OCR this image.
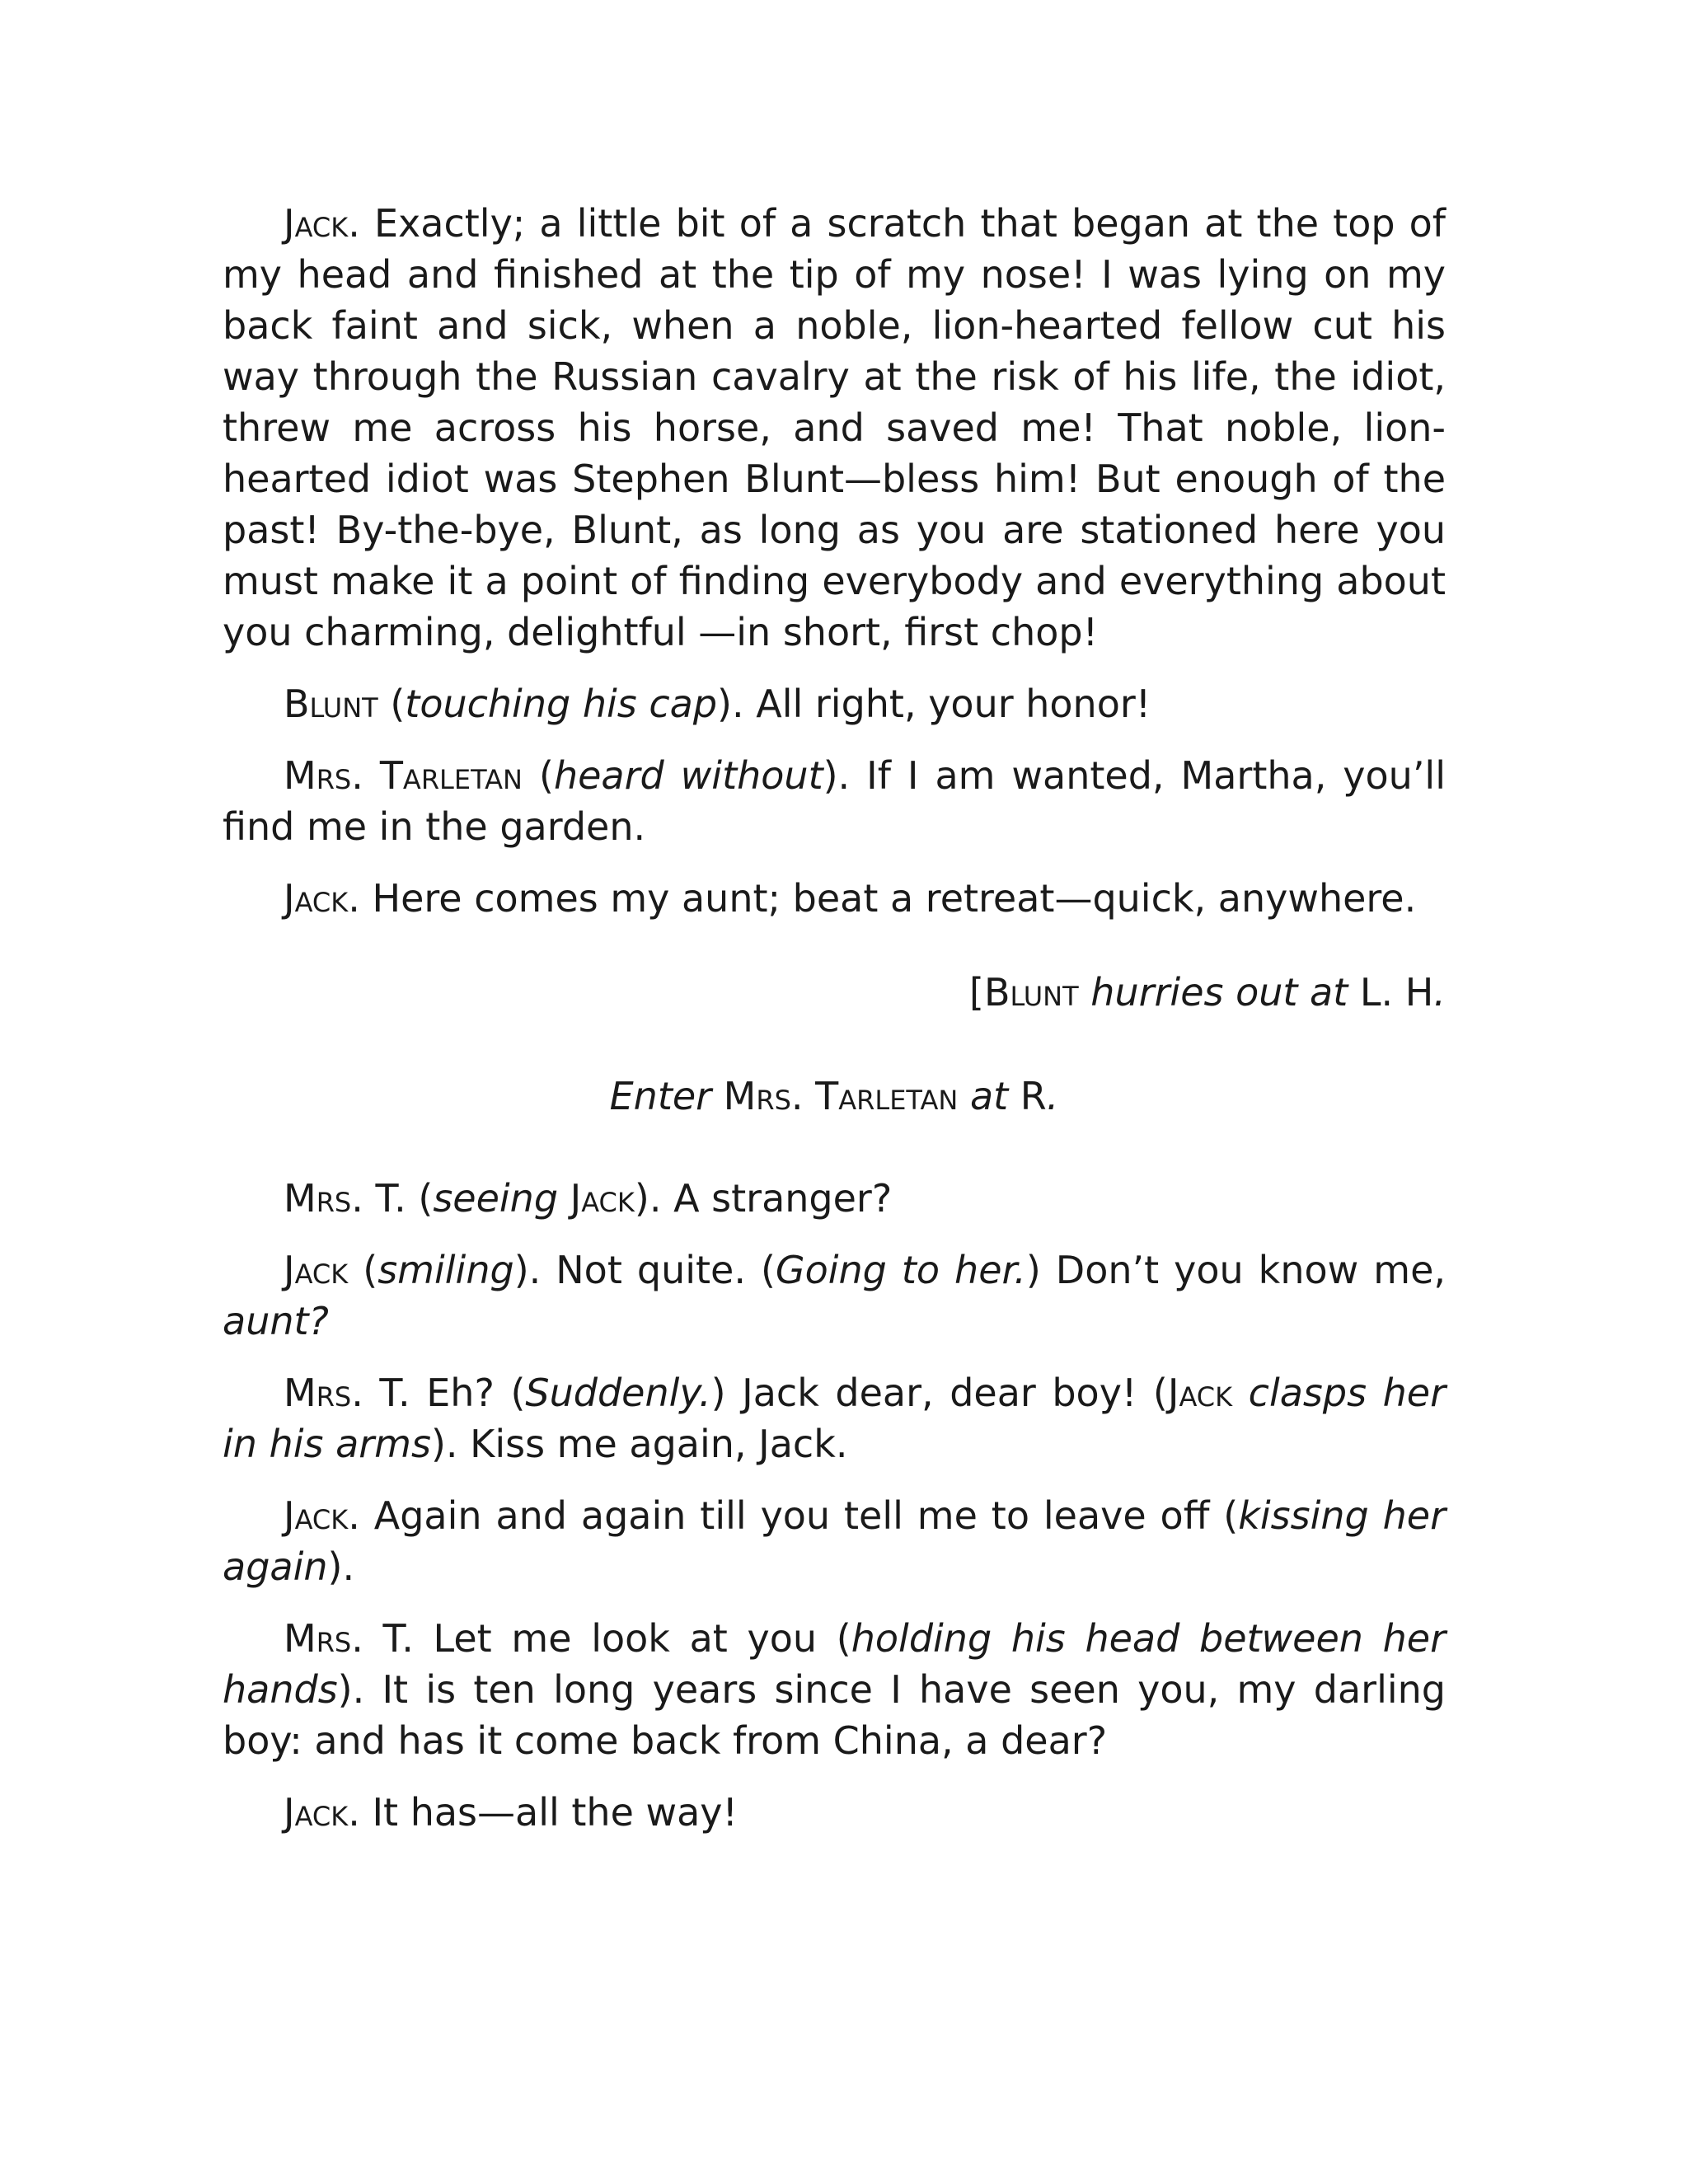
Jack. Exactly; a little bit of a scratch that began at the top of my head and finished at the tip of my nose! I was lying on my back faint and sick, when a noble, lion-hearted fellow cut his way through the Russian cavalry at the risk of his life, the idiot, threw me across his horse, and saved me! That noble, lion-hearted idiot was Stephen Blunt—bless him! But enough of the past! By-the-bye, Blunt, as long as you are stationed here you must make it a point of finding everybody and everything about you charming, delightful —in short, first chop!

Blunt (touching his cap). All right, your honor!

Mrs. Tarletan (heard without). If I am wanted, Martha, you’ll find me in the garden.

Jack. Here comes my aunt; beat a retreat—quick, anywhere.

[Blunt hurries out at L. H.

Enter Mrs. Tarletan at R.

Mrs. T. (seeing Jack). A stranger?

Jack (smiling). Not quite. (Going to her.) Don’t you know me, aunt?

Mrs. T. Eh? (Suddenly.) Jack dear, dear boy! (Jack clasps her in his arms). Kiss me again, Jack.

Jack. Again and again till you tell me to leave off (kissing her again).

Mrs. T. Let me look at you (holding his head between her hands). It is ten long years since I have seen you, my darling boy: and has it come back from China, a dear?

Jack. It has—all the way!
